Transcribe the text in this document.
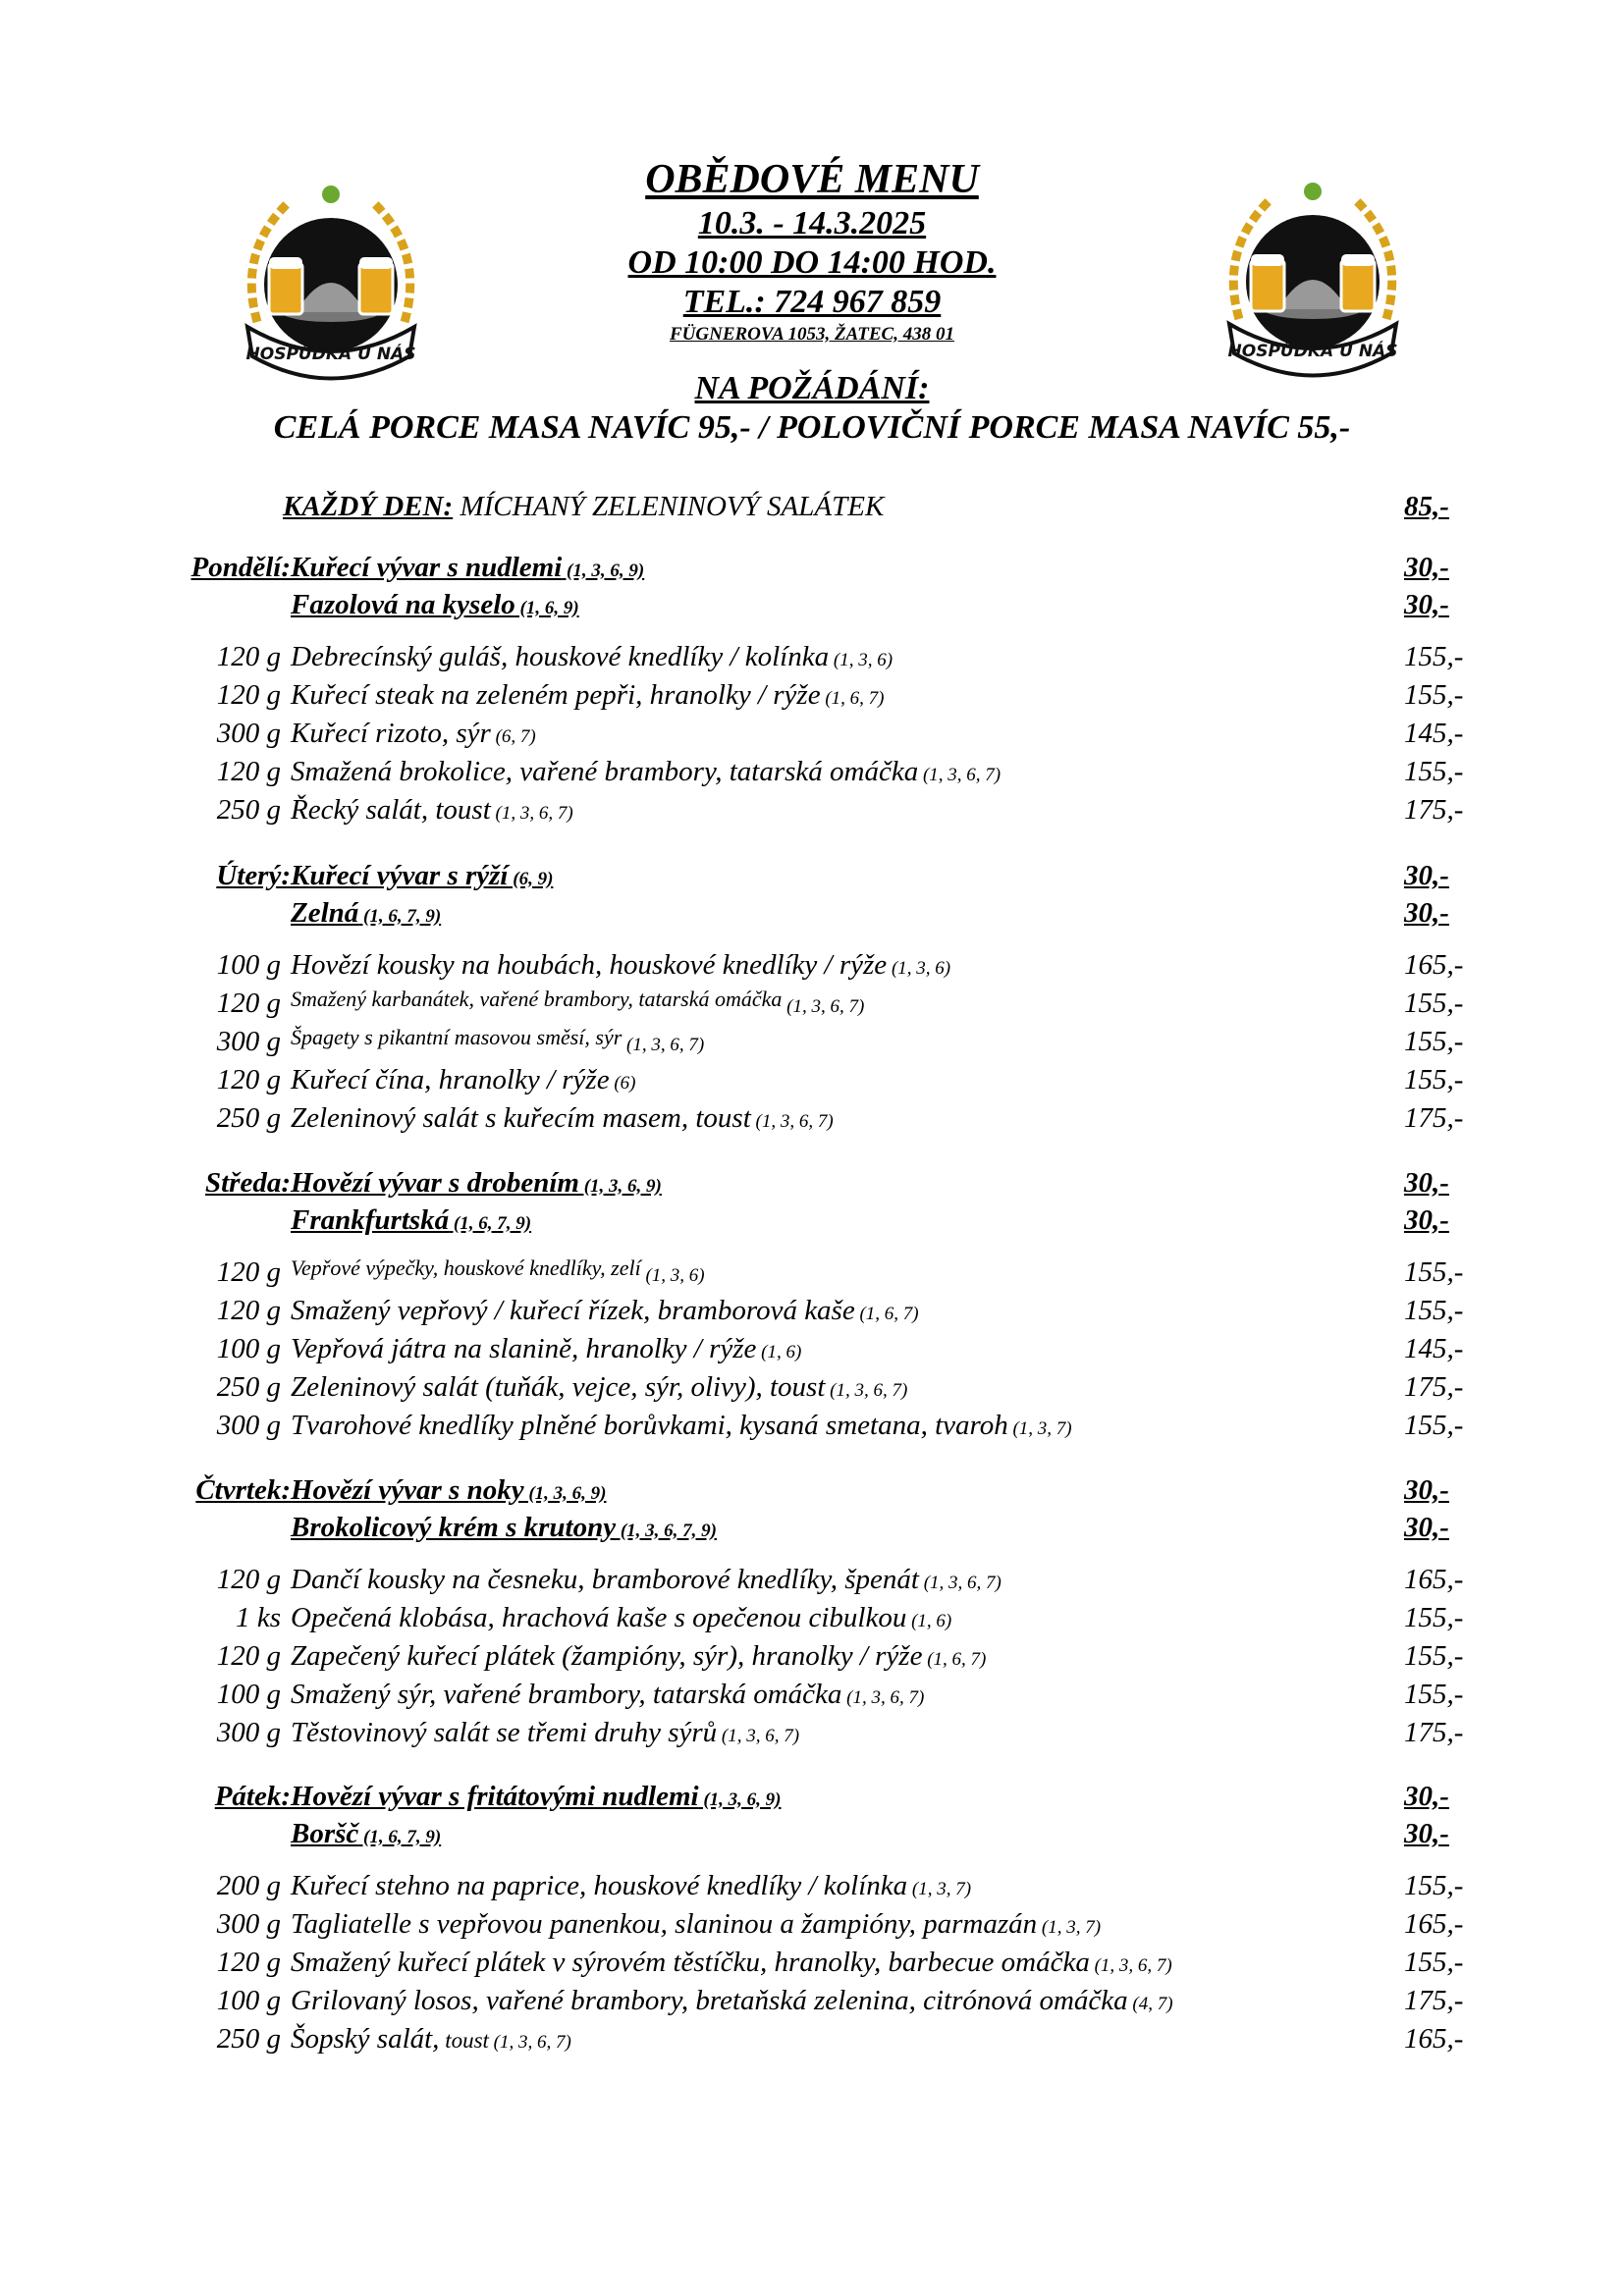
HOSPŮDKA U NÁS	HOSPŮDKA U NÁS
OBĚDOVÉ MENU
10.3. - 14.3.2025
OD 10:00 DO 14:00 HOD.
TEL.: 724 967 859
FÜGNEROVA 1053, ŽATEC, 438 01
NA POŽÁDÁNÍ:
CELÁ PORCE MASA NAVÍC 95,- / POLOVIČNÍ PORCE MASA NAVÍC 55,-
KAŽDÝ DEN: MÍCHANÝ ZELENINOVÝ SALÁTEK	85,-
Pondělí: Kuřecí vývar s nudlemi (1, 3, 6, 9)	30,-
Fazolová na kyselo (1, 6, 9)	30,-
120 g Debrecínský guláš, houskové knedlíky / kolínka (1, 3, 6)	155,-
120 g Kuřecí steak na zeleném pepři, hranolky / rýže (1, 6, 7)	155,-
300 g Kuřecí rizoto, sýr (6, 7)	145,-
120 g Smažená brokolice, vařené brambory, tatarská omáčka (1, 3, 6, 7)	155,-
250 g Řecký salát, toust (1, 3, 6, 7)	175,-
Úterý: Kuřecí vývar s rýží (6, 9)	30,-
Zelná (1, 6, 7, 9)	30,-
100 g Hovězí kousky na houbách, houskové knedlíky / rýže (1, 3, 6)	165,-
120 g $^{Smažený karbanátek, vařené brambory, tatarská omáčka}$ (1, 3, 6, 7)	155,-
300 g $^{Špagety s pikantní masovou směsí, sýr}$ (1, 3, 6, 7)	155,-
120 g Kuřecí čína, hranolky / rýže (6)	155,-
250 g Zeleninový salát s kuřecím masem, toust (1, 3, 6, 7)	175,-
Středa: Hovězí vývar s drobením (1, 3, 6, 9)	30,-
Frankfurtská (1, 6, 7, 9)	30,-
120 g $^{Vepřové výpečky, houskové knedlíky, zelí}$ (1, 3, 6)	155,-
120 g Smažený vepřový / kuřecí řízek, bramborová kaše (1, 6, 7)	155,-
100 g Vepřová játra na slanině, hranolky / rýže (1, 6)	145,-
250 g Zeleninový salát (tuňák, vejce, sýr, olivy), toust (1, 3, 6, 7)	175,-
300 g Tvarohové knedlíky plněné borůvkami, kysaná smetana, tvaroh (1, 3, 7)	155,-
Čtvrtek: Hovězí vývar s noky (1, 3, 6, 9)	30,-
Brokolicový krém s krutony (1, 3, 6, 7, 9)	30,-
120 g Dančí kousky na česneku, bramborové knedlíky, špenát (1, 3, 6, 7)	165,-
1 ks Opečená klobása, hrachová kaše s opečenou cibulkou (1, 6)	155,-
120 g Zapečený kuřecí plátek (žampióny, sýr), hranolky / rýže (1, 6, 7)	155,-
100 g Smažený sýr, vařené brambory, tatarská omáčka (1, 3, 6, 7)	155,-
300 g Těstovinový salát se třemi druhy sýrů (1, 3, 6, 7)	175,-
Pátek: Hovězí vývar s fritátovými nudlemi (1, 3, 6, 9)	30,-
Boršč (1, 6, 7, 9)	30,-
200 g Kuřecí stehno na paprice, houskové knedlíky / kolínka (1, 3, 7)	155,-
300 g Tagliatelle s vepřovou panenkou, slaninou a žampióny, parmazán (1, 3, 7)	165,-
120 g Smažený kuřecí plátek v sýrovém těstíčku, hranolky, barbecue omáčka (1, 3, 6, 7)	155,-
100 g Grilovaný losos, vařené brambory, bretaňská zelenina, citrónová omáčka (4, 7)	175,-
250 g Šopský salát, toust (1, 3, 6, 7)	165,-
